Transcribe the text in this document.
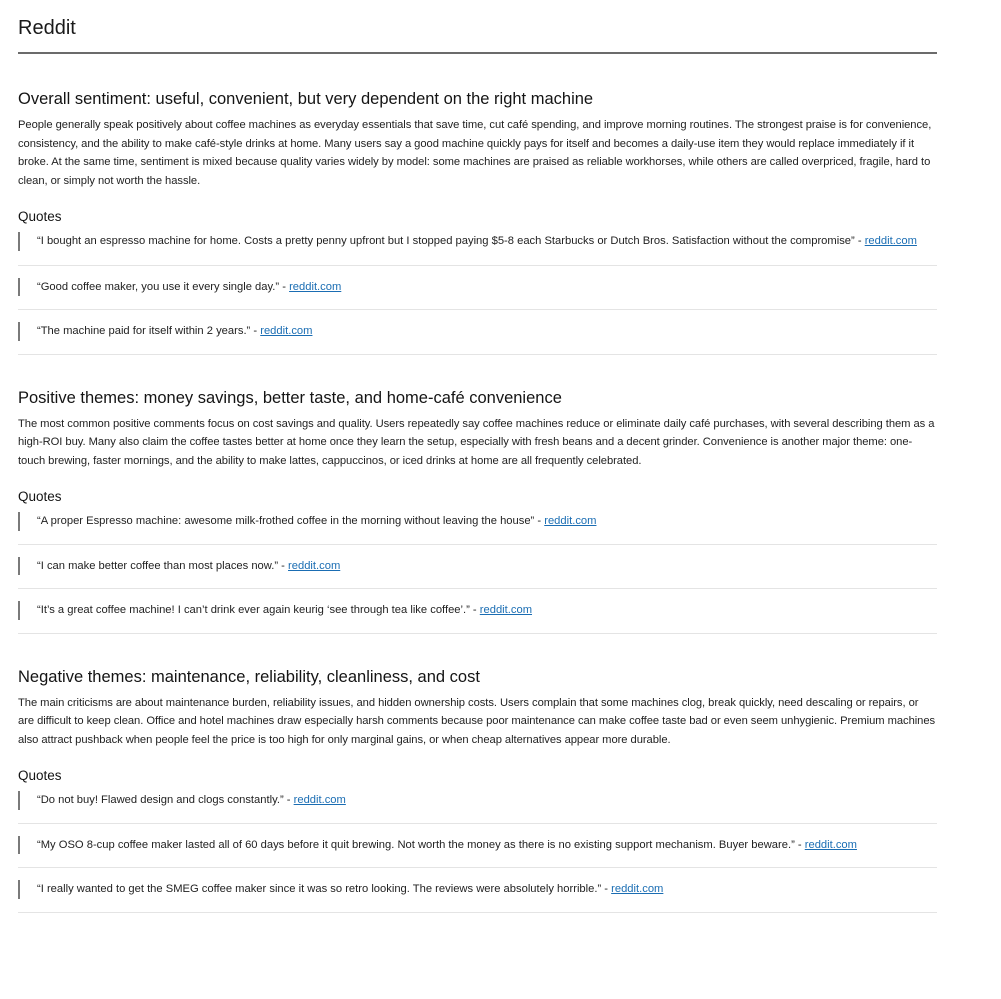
Reddit
Overall sentiment: useful, convenient, but very dependent on the right machine

People generally speak positively about coffee machines as everyday essentials that save time, cut café spending, and improve morning routines. The strongest praise is for convenience, consistency, and the ability to make café-style drinks at home. Many users say a good machine quickly pays for itself and becomes a daily-use item they would replace immediately if it broke. At the same time, sentiment is mixed because quality varies widely by model: some machines are praised as reliable workhorses, while others are called overpriced, fragile, hard to clean, or simply not worth the hassle.

Quotes
“I bought an espresso machine for home. Costs a pretty penny upfront but I stopped paying $5-8 each Starbucks or Dutch Bros. Satisfaction without the compromise” - reddit.com
“Good coffee maker, you use it every single day.” - reddit.com
“The machine paid for itself within 2 years.” - reddit.com
Positive themes: money savings, better taste, and home-café convenience

The most common positive comments focus on cost savings and quality. Users repeatedly say coffee machines reduce or eliminate daily café purchases, with several describing them as a high-ROI buy. Many also claim the coffee tastes better at home once they learn the setup, especially with fresh beans and a decent grinder. Convenience is another major theme: one-touch brewing, faster mornings, and the ability to make lattes, cappuccinos, or iced drinks at home are all frequently celebrated.

Quotes
“A proper Espresso machine: awesome milk-frothed coffee in the morning without leaving the house” - reddit.com
“I can make better coffee than most places now.” - reddit.com
“It’s a great coffee machine! I can’t drink ever again keurig ‘see through tea like coffee’.” - reddit.com
Negative themes: maintenance, reliability, cleanliness, and cost

The main criticisms are about maintenance burden, reliability issues, and hidden ownership costs. Users complain that some machines clog, break quickly, need descaling or repairs, or are difficult to keep clean. Office and hotel machines draw especially harsh comments because poor maintenance can make coffee taste bad or even seem unhygienic. Premium machines also attract pushback when people feel the price is too high for only marginal gains, or when cheap alternatives appear more durable.

Quotes
“Do not buy! Flawed design and clogs constantly.” - reddit.com
“My OSO 8-cup coffee maker lasted all of 60 days before it quit brewing. Not worth the money as there is no existing support mechanism. Buyer beware.” - reddit.com
“I really wanted to get the SMEG coffee maker since it was so retro looking. The reviews were absolutely horrible.” - reddit.com
